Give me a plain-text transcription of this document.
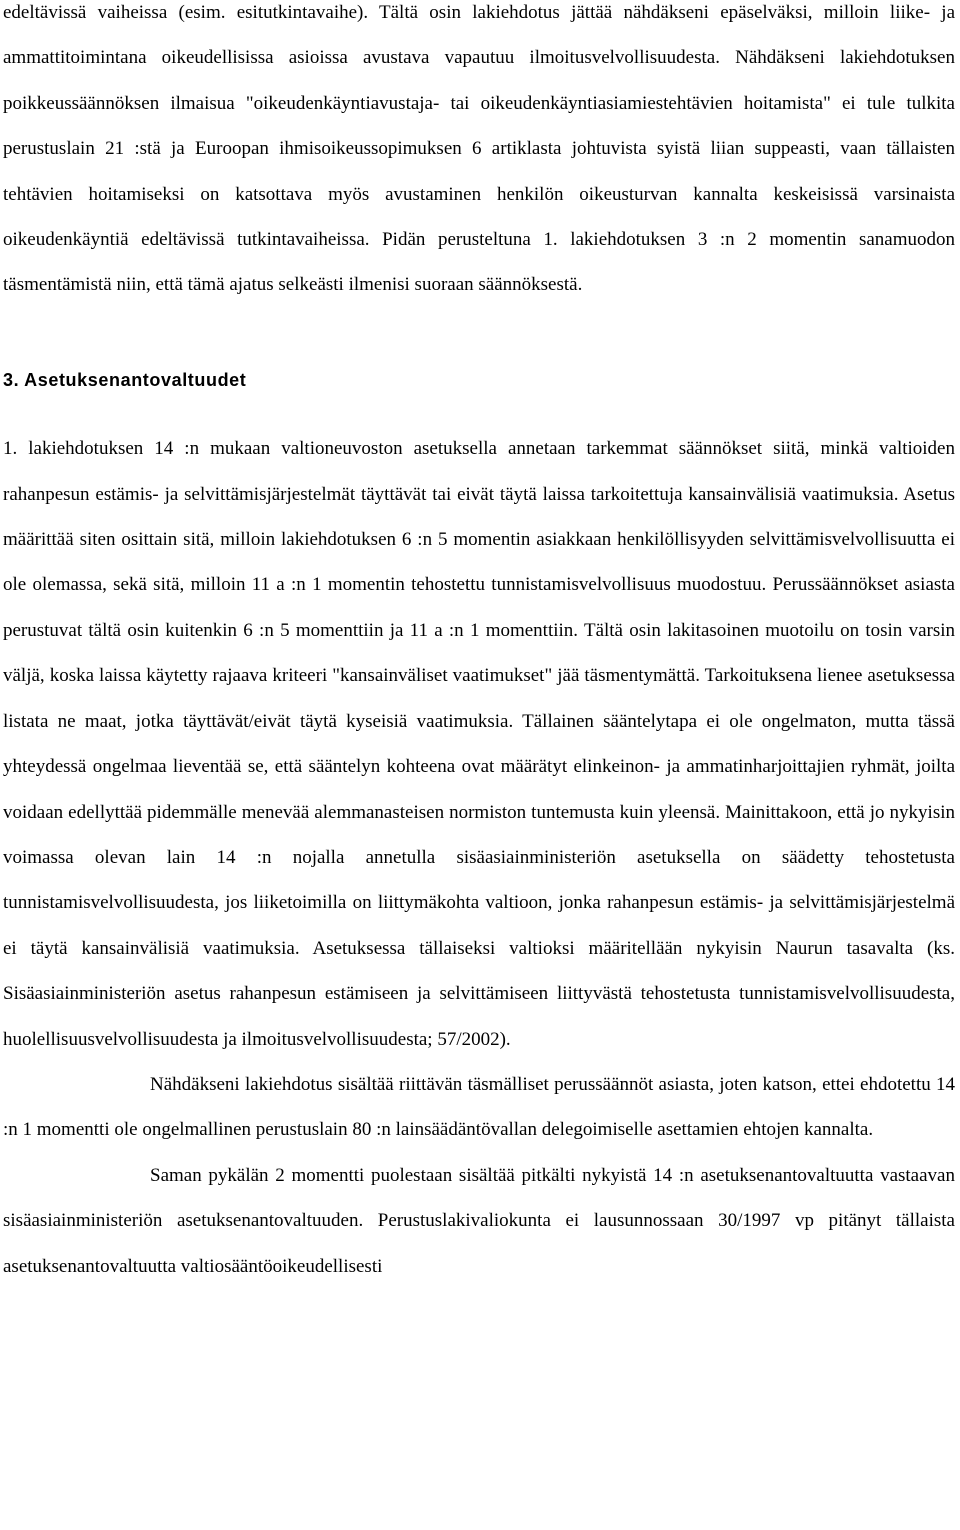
edeltävissä vaiheissa (esim. esitutkintavaihe). Tältä osin lakiehdotus jättää nähdäkseni epäselväksi, milloin liike- ja ammattitoimintana oikeudellisissa asioissa avustava vapautuu ilmoitusvelvollisuudesta. Nähdäkseni lakiehdotuksen poikkeussäännöksen ilmaisua "oikeudenkäyntiavustaja- tai oikeudenkäyntiasiamiestehtävien hoitamista" ei tule tulkita perustuslain 21 :stä ja Euroopan ihmisoikeussopimuksen 6 artiklasta johtuvista syistä liian suppeasti, vaan tällaisten tehtävien hoitamiseksi on katsottava myös avustaminen henkilön oikeusturvan kannalta keskeisissä varsinaista oikeudenkäyntiä edeltävissä tutkintavaiheissa. Pidän perusteltuna 1. lakiehdotuksen 3 :n 2 momentin sanamuodon täsmentämistä niin, että tämä ajatus selkeästi ilmenisi suoraan säännöksestä.

3. Asetuksenantovaltuudet

1. lakiehdotuksen 14 :n mukaan valtioneuvoston asetuksella annetaan tarkemmat säännökset siitä, minkä valtioiden rahanpesun estämis- ja selvittämisjärjestelmät täyttävät tai eivät täytä laissa tarkoitettuja kansainvälisiä vaatimuksia. Asetus määrittää siten osittain sitä, milloin lakiehdotuksen 6 :n 5 momentin asiakkaan henkilöllisyyden selvittämisvelvollisuutta ei ole olemassa, sekä sitä, milloin 11 a :n 1 momentin tehostettu tunnistamisvelvollisuus muodostuu. Perussäännökset asiasta perustuvat tältä osin kuitenkin 6 :n 5 momenttiin ja 11 a :n 1 momenttiin. Tältä osin lakitasoinen muotoilu on tosin varsin väljä, koska laissa käytetty rajaava kriteeri "kansainväliset vaatimukset" jää täsmentymättä. Tarkoituksena lienee asetuksessa listata ne maat, jotka täyttävät/eivät täytä kyseisiä vaatimuksia. Tällainen sääntelytapa ei ole ongelmaton, mutta tässä yhteydessä ongelmaa lieventää se, että sääntelyn kohteena ovat määrätyt elinkeinon- ja ammatinharjoittajien ryhmät, joilta voidaan edellyttää pidemmälle menevää alemmanasteisen normiston tuntemusta kuin yleensä. Mainittakoon, että jo nykyisin voimassa olevan lain 14 :n nojalla annetulla sisäasiainministeriön asetuksella on säädetty tehostetusta tunnistamisvelvollisuudesta, jos liiketoimilla on liittymäkohta valtioon, jonka rahanpesun estämis- ja selvittämisjärjestelmä ei täytä kansainvälisiä vaatimuksia. Asetuksessa tällaiseksi valtioksi määritellään nykyisin Naurun tasavalta (ks. Sisäasiainministeriön asetus rahanpesun estämiseen ja selvittämiseen liittyvästä tehostetusta tunnistamisvelvollisuudesta, huolellisuusvelvollisuudesta ja ilmoitusvelvollisuudesta; 57/2002).

Nähdäkseni lakiehdotus sisältää riittävän täsmälliset perussäännöt asiasta, joten katson, ettei ehdotettu 14 :n 1 momentti ole ongelmallinen perustuslain 80 :n lainsäädäntövallan delegoimiselle asettamien ehtojen kannalta.

Saman pykälän 2 momentti puolestaan sisältää pitkälti nykyistä 14 :n asetuksenantovaltuutta vastaavan sisäasiainministeriön asetuksenantovaltuuden. Perustuslakivaliokunta ei lausunnossaan 30/1997 vp pitänyt tällaista asetuksenantovaltuutta valtiosääntöoikeudellisesti
